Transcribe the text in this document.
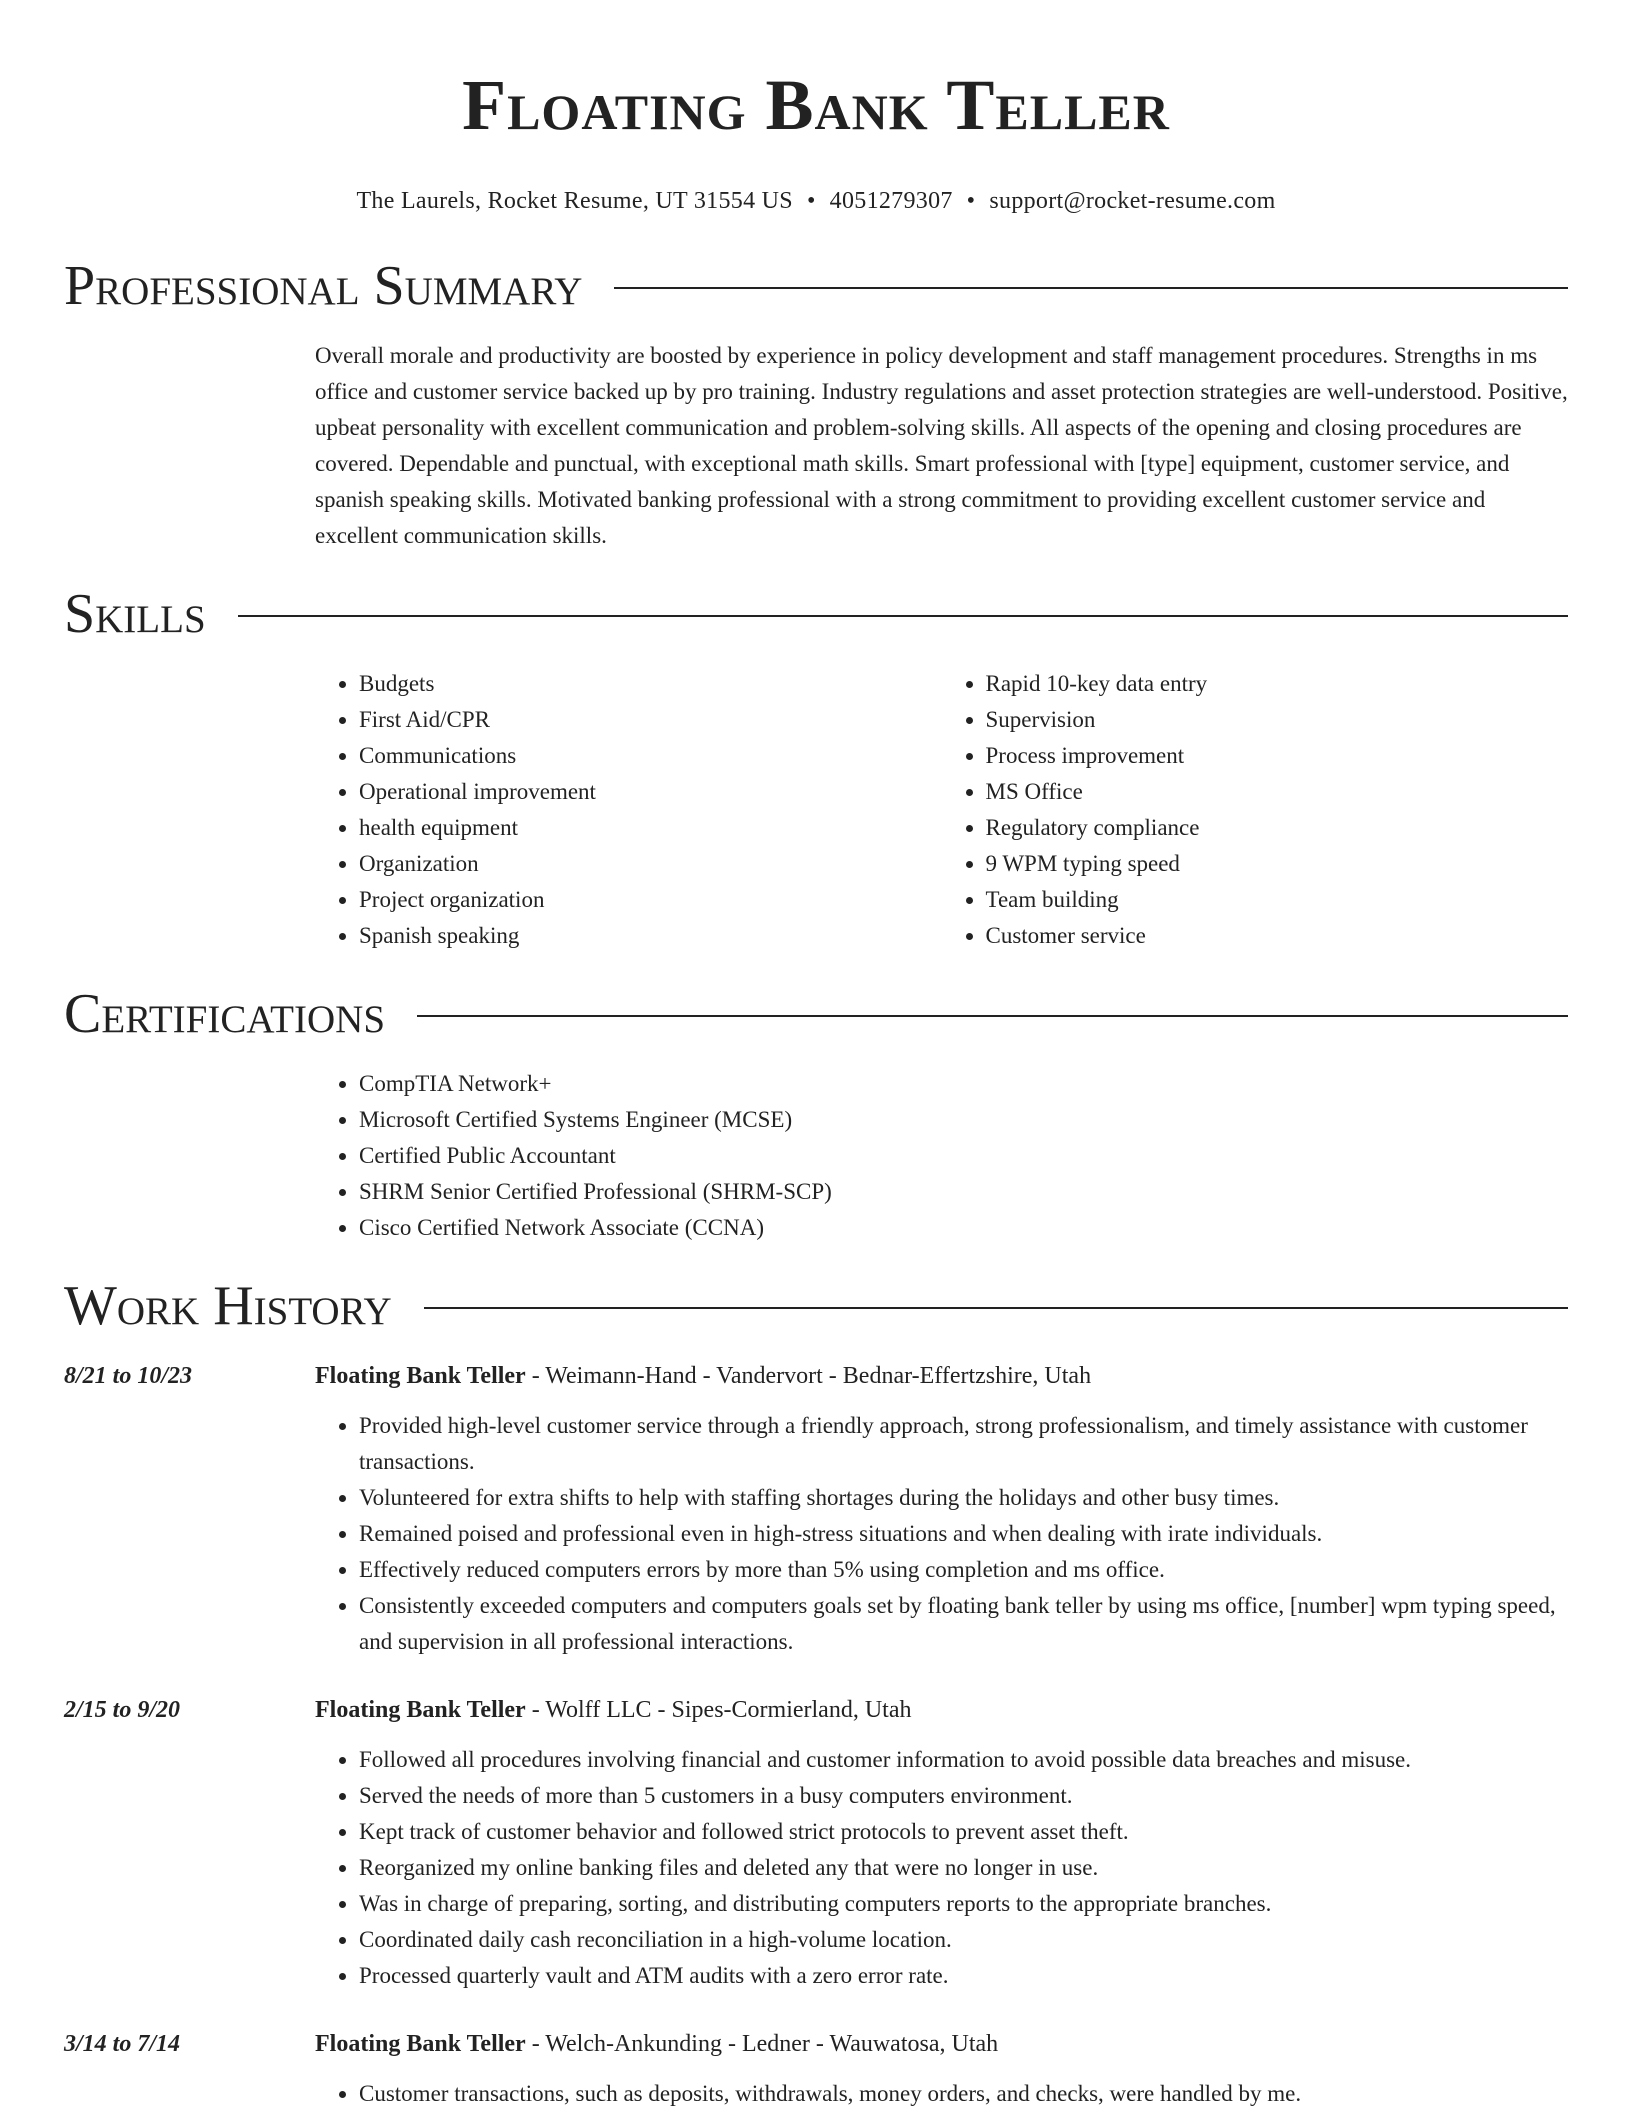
Floating Bank Teller
The Laurels, Rocket Resume, UT 31554 US • 4051279307 • support@rocket-resume.com
Professional Summary

Overall morale and productivity are boosted by experience in policy development and staff management procedures. Strengths in ms office and customer service backed up by pro training. Industry regulations and asset protection strategies are well-understood. Positive, upbeat personality with excellent communication and problem-solving skills. All aspects of the opening and closing procedures are covered. Dependable and punctual, with exceptional math skills. Smart professional with [type] equipment, customer service, and spanish speaking skills. Motivated banking professional with a strong commitment to providing excellent customer service and excellent communication skills.

Skills
• Budgets
• First Aid/CPR
• Communications
• Operational improvement
• health equipment
• Organization
• Project organization
• Spanish speaking
• Rapid 10-key data entry
• Supervision
• Process improvement
• MS Office
• Regulatory compliance
• 9 WPM typing speed
• Team building
• Customer service
Certifications
• CompTIA Network+
• Microsoft Certified Systems Engineer (MCSE)
• Certified Public Accountant
• SHRM Senior Certified Professional (SHRM-SCP)
• Cisco Certified Network Associate (CCNA)
Work History
8/21 to 10/23	Floating Bank Teller - Weimann-Hand - Vandervort - Bednar-Effertzshire, Utah
• Provided high-level customer service through a friendly approach, strong professionalism, and timely assistance with customer transactions.
• Volunteered for extra shifts to help with staffing shortages during the holidays and other busy times.
• Remained poised and professional even in high-stress situations and when dealing with irate individuals.
• Effectively reduced computers errors by more than 5% using completion and ms office.
• Consistently exceeded computers and computers goals set by floating bank teller by using ms office, [number] wpm typing speed, and supervision in all professional interactions.
2/15 to 9/20	Floating Bank Teller - Wolff LLC - Sipes-Cormierland, Utah
• Followed all procedures involving financial and customer information to avoid possible data breaches and misuse.
• Served the needs of more than 5 customers in a busy computers environment.
• Kept track of customer behavior and followed strict protocols to prevent asset theft.
• Reorganized my online banking files and deleted any that were no longer in use.
• Was in charge of preparing, sorting, and distributing computers reports to the appropriate branches.
• Coordinated daily cash reconciliation in a high-volume location.
• Processed quarterly vault and ATM audits with a zero error rate.
3/14 to 7/14	Floating Bank Teller - Welch-Ankunding - Ledner - Wauwatosa, Utah
• Customer transactions, such as deposits, withdrawals, money orders, and checks, were handled by me.
